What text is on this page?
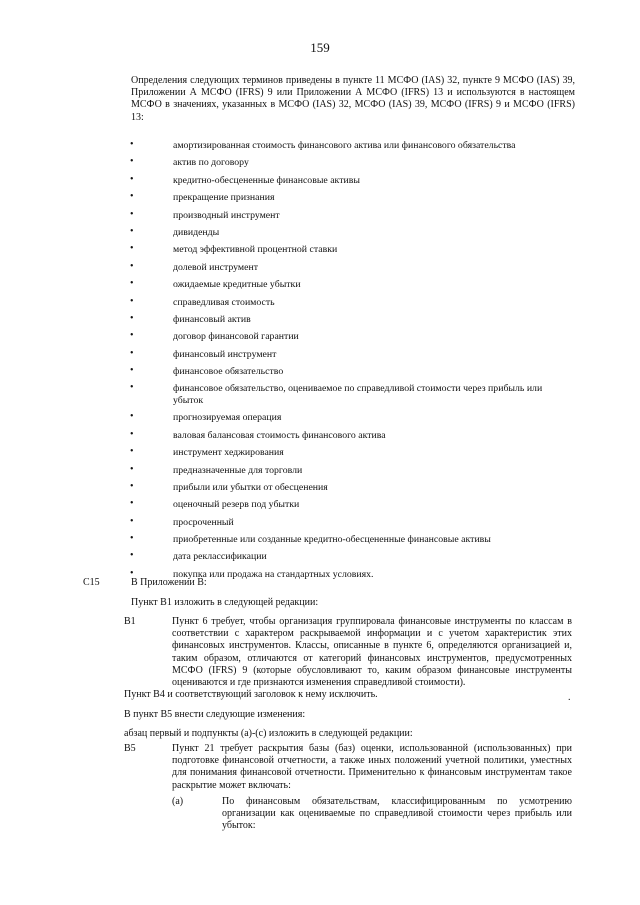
159
Определения следующих терминов приведены в пункте 11 МСФО (IAS) 32, пункте 9 МСФО (IAS) 39, Приложении А МСФО (IFRS) 9 или Приложении А МСФО (IFRS) 13 и используются в настоящем МСФО в значениях, указанных в МСФО (IAS) 32, МСФО (IAS) 39, МСФО (IFRS) 9 и МСФО (IFRS) 13:
•	амортизированная стоимость финансового актива или финансового обязательства
•	актив по договору
•	кредитно-обесцененные финансовые активы
•	прекращение признания
•	производный инструмент
•	дивиденды
•	метод эффективной процентной ставки
•	долевой инструмент
•	ожидаемые кредитные убытки
•	справедливая стоимость
•	финансовый актив
•	договор финансовой гарантии
•	финансовый инструмент
•	финансовое обязательство
•	финансовое обязательство, оцениваемое по справедливой стоимости через прибыль или убыток
•	прогнозируемая операция
•	валовая балансовая стоимость финансового актива
•	инструмент хеджирования
•	предназначенные для торговли
•	прибыли или убытки от обесценения
•	оценочный резерв под убытки
•	просроченный
•	приобретенные или созданные кредитно-обесцененные финансовые активы
•	дата реклассификации
•	покупка или продажа на стандартных условиях.
C15	В Приложении B:
Пункт B1 изложить в следующей редакции:
B1	Пункт 6 требует, чтобы организация группировала финансовые инструменты по классам в соответствии с характером раскрываемой информации и с учетом характеристик этих финансовых инструментов. Классы, описанные в пункте 6, определяются организацией и, таким образом, отличаются от категорий финансовых инструментов, предусмотренных МСФО (IFRS) 9 (которые обусловливают то, каким образом финансовые инструменты оцениваются и где признаются изменения справедливой стоимости).
Пункт B4 и соответствующий заголовок к нему исключить.	.
В пункт B5 внести следующие изменения:
абзац первый и подпункты (a)-(c) изложить в следующей редакции:
B5	Пункт 21 требует раскрытия базы (баз) оценки, использованной (использованных) при подготовке финансовой отчетности, а также иных положений учетной политики, уместных для понимания финансовой отчетности. Применительно к финансовым инструментам такое раскрытие может включать:
(a)	По финансовым обязательствам, классифицированным по усмотрению организации как оцениваемые по справедливой стоимости через прибыль или убыток:
